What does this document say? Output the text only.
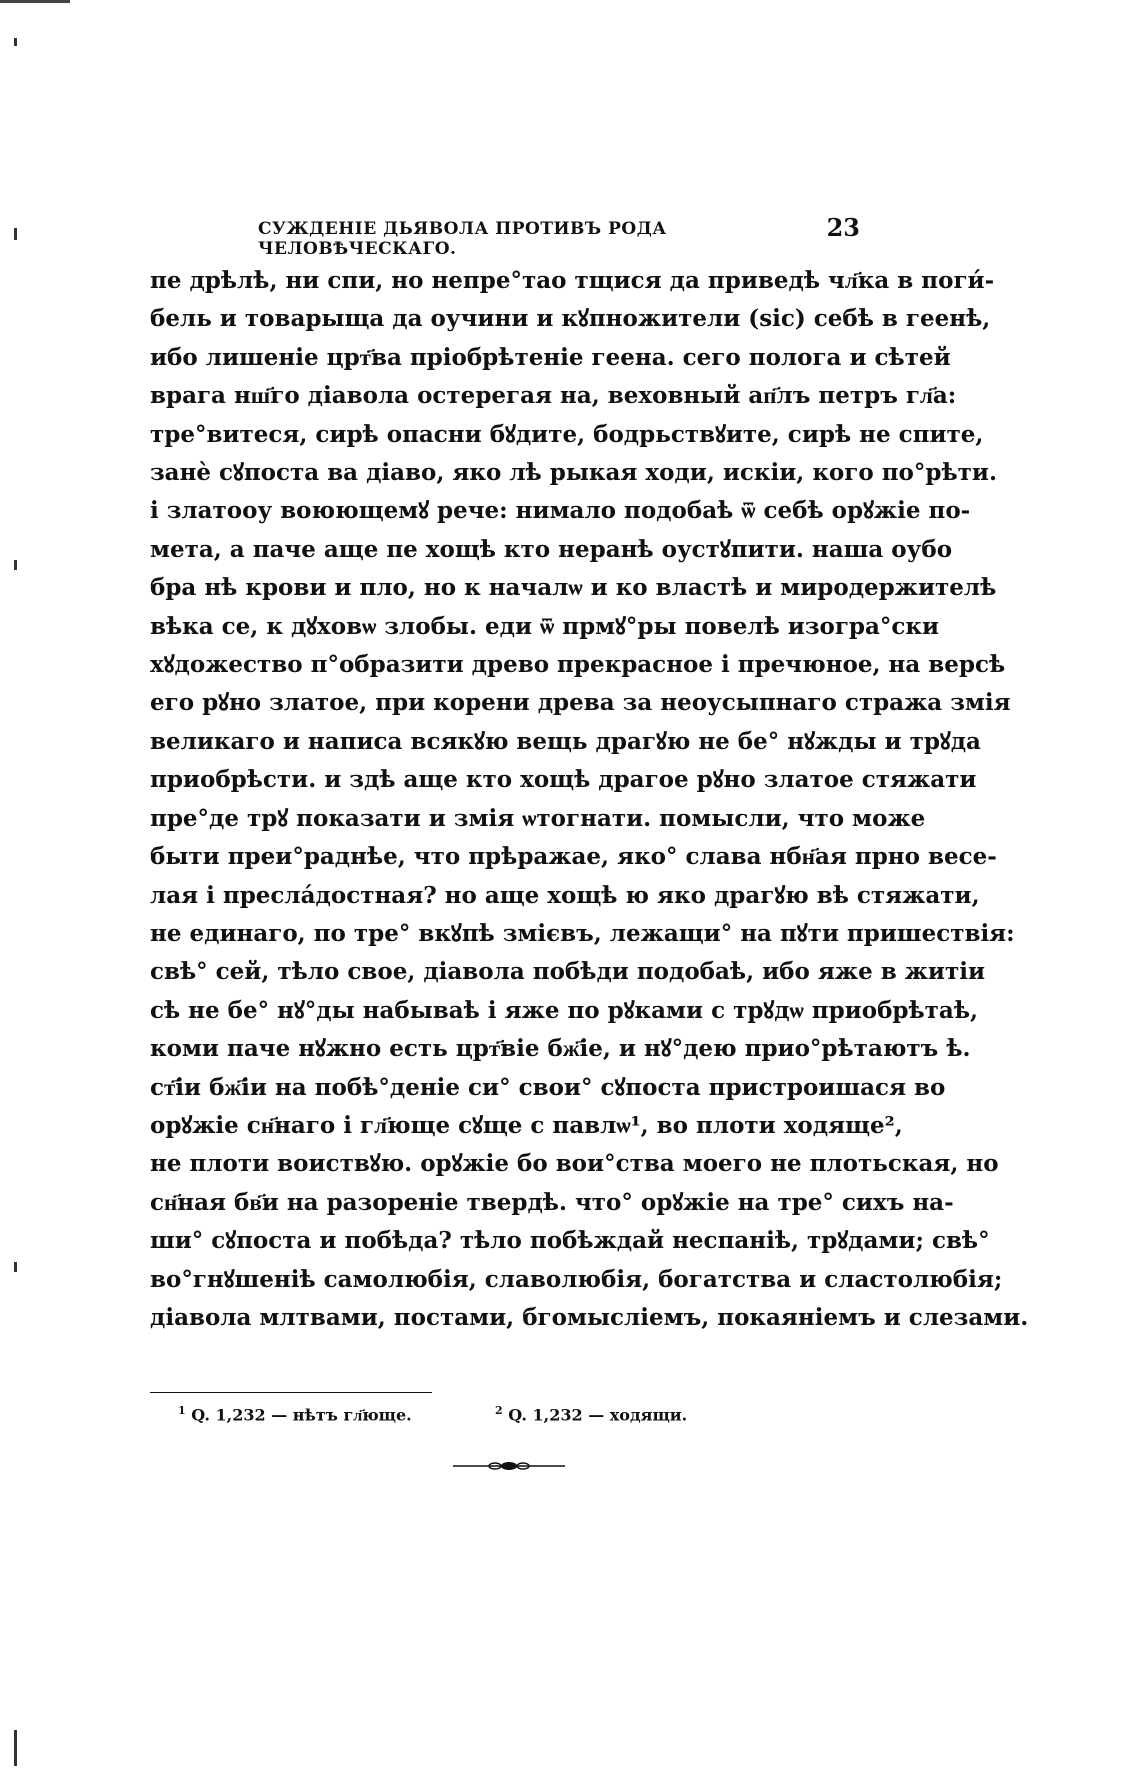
СУЖДЕНІЕ ДЬЯВОЛА ПРОТИВЪ РОДА ЧЕЛОВѢЧЕСКАГО.
23
пе дрѣлѣ, ни спи, но непре°тао тщися да приведѣ чл҃ка в поги́-
бель и товарыща да оучини и кꙋпножители (sic) себѣ в геенѣ,
ибо лишеніе црт҃ва пріобрѣтеніе геена. сего пологa и сѣтей
врага нш҃го діавола остерегая на, веховный ап҃лъ петръ гл҃а:
тре°витеся, сирѣ опасни бꙋдите, бодрьствꙋите, сирѣ не спите,
занѐ сꙋпоста ва діаво, яко лѣ рыкая ходи, искіи, кого по°рѣти.
і златооу воюющемꙋ рече: нимало подобаѣ ѿ себѣ орꙋжіе по-
мета, а паче аще пе хощѣ кто неранѣ оустꙋпити. наша оубо
бра нѣ крови и пло, но к началѡ и ко властѣ и миродержителѣ
вѣка се, к дꙋховѡ злобы. еди ѿ прмꙋ°ры повелѣ изогра°ски
хꙋдожество п°образити древо прекрасное і пречюное, на версѣ
его рꙋно златое, при корени древа за неоусыпнаго стража змія
великаго и написа всякꙋю вещь драгꙋю не бе° нꙋжды и трꙋда
приобрѣсти. и здѣ аще кто хощѣ драгое рꙋно златое стяжати
пре°де трꙋ показати и змія ѡтогнати. помысли, что може
быти преи°раднѣе, что прѣражае, яко° слава нбн҃ая прно весе-
лая і преслáдостная? но аще хощѣ ю яко драгꙋю вѣ стяжати,
не единаго, по тре° вкꙋпѣ змієвъ, лежащи° на пꙋти пришествія:
свѣ° сей, тѣло свое, діавола побѣди подобаѣ, ибо яже в житіи
сѣ не бе° нꙋ°ды набываѣ і яже по рꙋками с трꙋдѡ приобрѣтаѣ,
коми паче нꙋжно есть црт҃віе бж҃іе, и нꙋ°дею прио°рѣтаютъ ѣ.
ст҃іи бж҃іи на побѣ°деніе си° свои° сꙋпоста пристроишася во
орꙋжіе сн҃наго і гл҃юще сꙋще с павлѡ¹, во плоти ходяще²,
не плоти воиствꙋю. орꙋжіе бо вои°ства моего не плотьская, но
сн҃ная бв҃и на разореніе твердѣ. что° орꙋжіе на тре° сихъ на-
ши° сꙋпоста и побѣда? тѣло побѣждай неспаніѣ, трꙋдами; свѣ°
во°гнꙋшеніѣ самолюбія, славолюбія, богатства и сластолюбія;
діавола млтвами, постами, бгомысліемъ, покаяніемъ и слезами.
$^1$ Q. 1,232 — нѣтъ гл҃юще.	$^2$ Q. 1,232 — ходящи.
